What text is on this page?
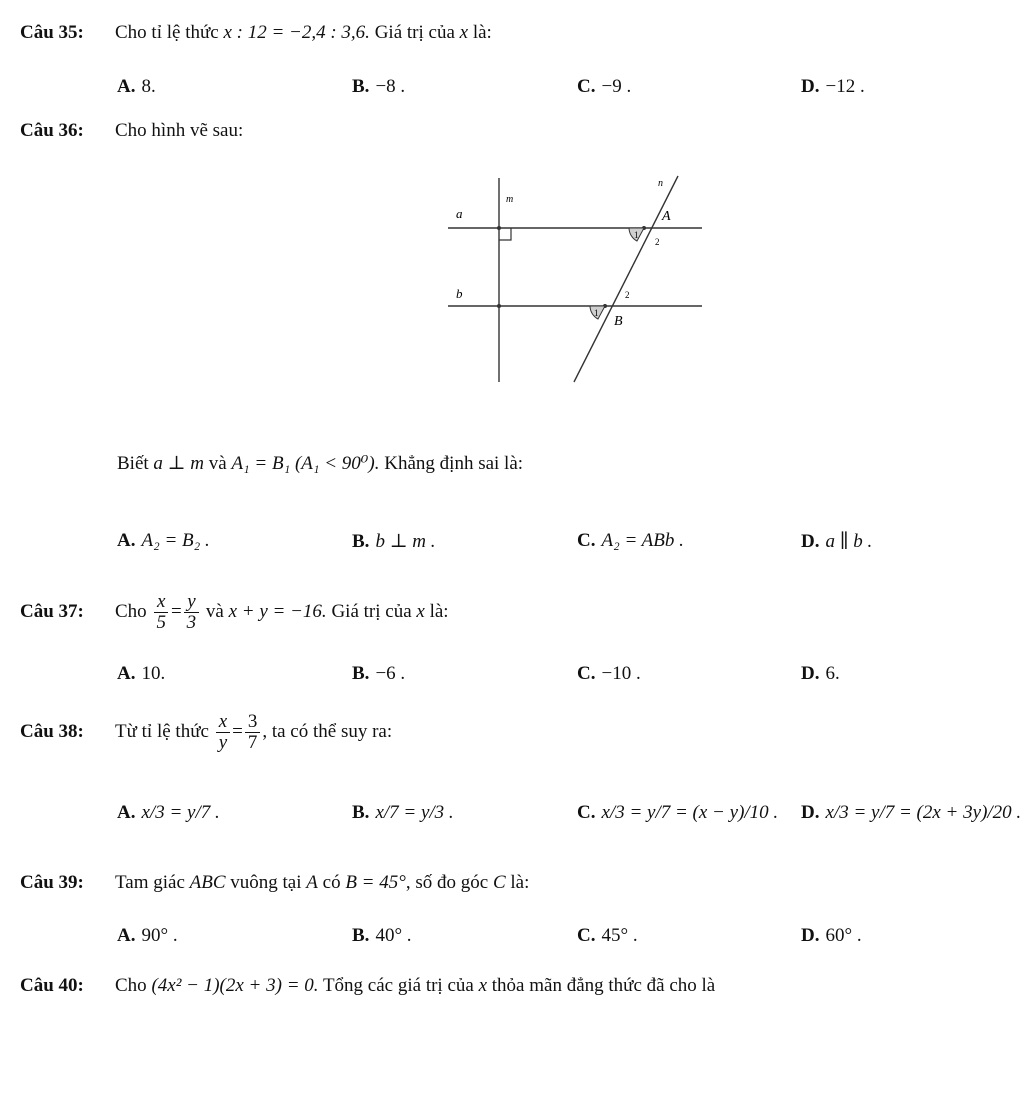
Câu 35: Cho tỉ lệ thức x : 12 = −2,4 : 3,6. Giá trị của x là:
A. 8.	B. −8 .	C. −9 .	D. −12 .
Câu 36: Cho hình vẽ sau:
a
b
m
n
A
B
1
2
1
2
Biết a ⊥ m và A₁ = B₁ (A₁ < 90⁰). Khẳng định sai là:
A. A₂ = B₂ .	B. b ⊥ m .	C. A₂ = ABb .	D. a ∥ b .
Câu 37: Cho $\frac{x}{5} = \frac{y}{3}$ và x + y = −16. Giá trị của x là:
A. 10.	B. −6 .	C. −10 .	D. 6.
Câu 38: Từ tỉ lệ thức $\frac{x}{y} = \frac{3}{7}$ , ta có thể suy ra:
A. x/3 = y/7 .	B. x/7 = y/3 .	C. x/3 = y/7 = (x − y)/10 . D. x/3 = y/7 = (2x + 3y)/20 .
Câu 39: Tam giác ABC vuông tại A có B = 45°, số đo góc C là:
A. 90° .	B. 40° .	C. 45° .	D. 60° .
Câu 40: Cho (4x² − 1)(2x + 3) = 0. Tổng các giá trị của x thỏa mãn đẳng thức đã cho là
